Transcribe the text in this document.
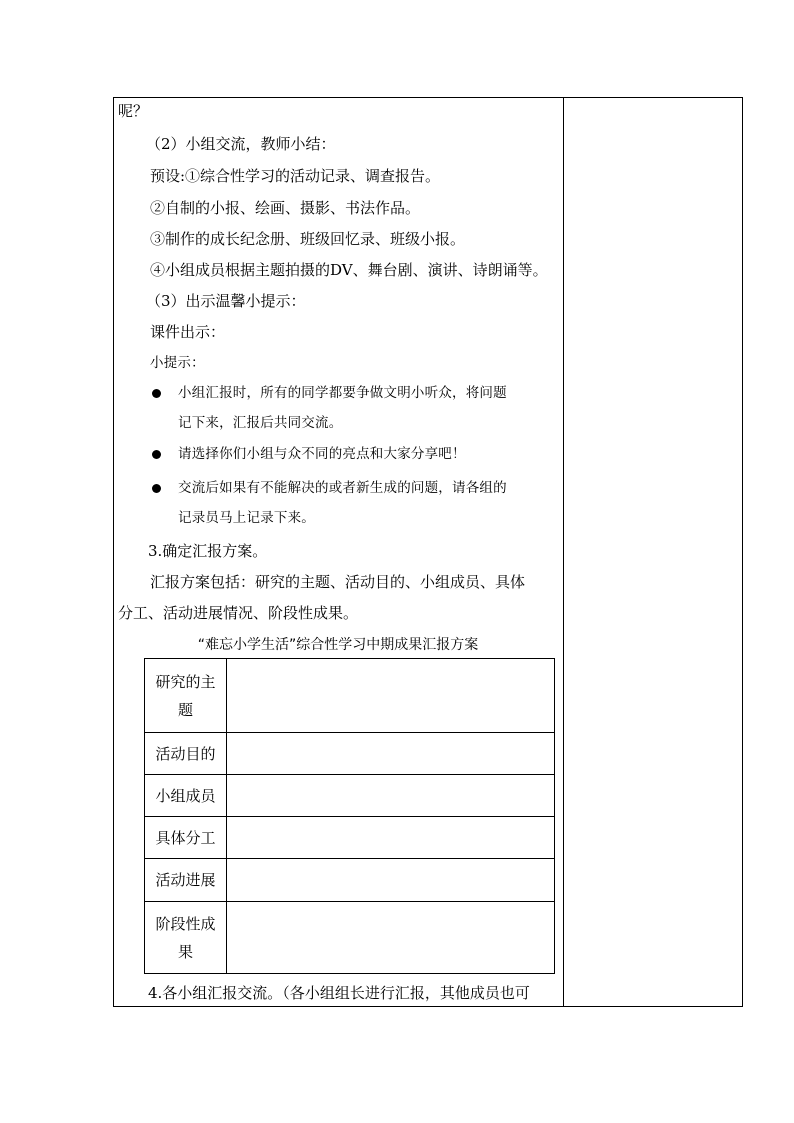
呢？
（2）小组交流，教师小结：
预设:①综合性学习的活动记录、调查报告。
②自制的小报、绘画、摄影、书法作品。
③制作的成长纪念册、班级回忆录、班级小报。
④小组成员根据主题拍摄的DV、舞台剧、演讲、诗朗诵等。
（3）出示温馨小提示：
课件出示：
小提示：
小组汇报时，所有的同学都要争做文明小听众，将问题
记下来，汇报后共同交流。
请选择你们小组与众不同的亮点和大家分享吧！
交流后如果有不能解决的或者新生成的问题，请各组的
记录员马上记录下来。
3.确定汇报方案。
汇报方案包括：研究的主题、活动目的、小组成员、具体
分工、活动进展情况、阶段性成果。
“难忘小学生活”综合性学习中期成果汇报方案
研究的主
题	
活动目的	
小组成员	
具体分工	
活动进展	
阶段性成
果	
4.各小组汇报交流。（各小组组长进行汇报，其他成员也可
